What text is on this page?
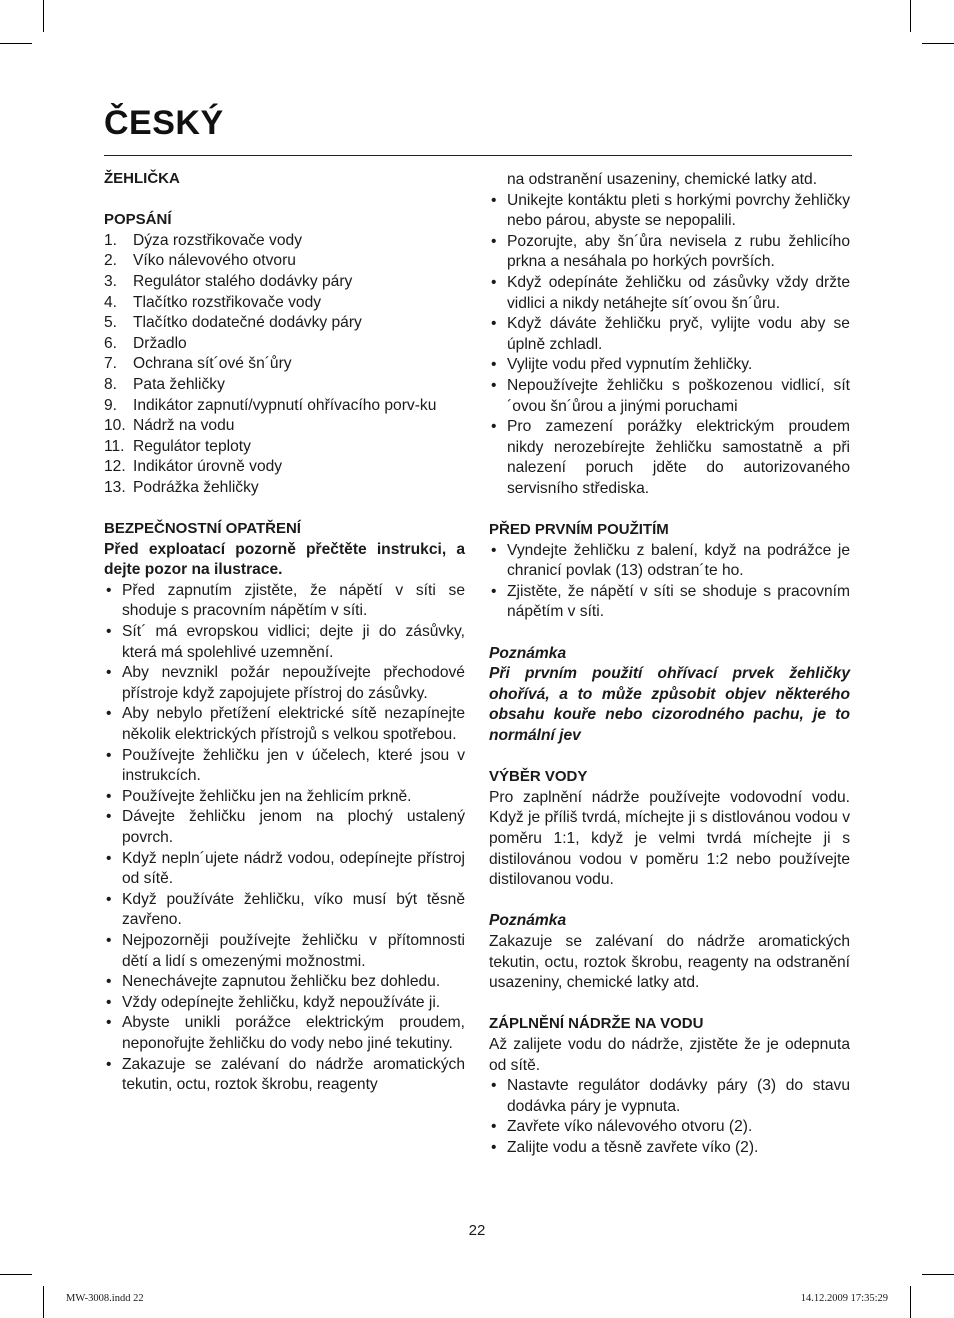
ČESKÝ

ŽEHLIČKA

POPSÁNÍ

1.	Dýza rozstřikovače vody
2.	Víko nálevového otvoru
3.	Regulátor stalého dodávky páry
4.	Tlačítko rozstřikovače vody
5.	Tlačítko dodatečné dodávky páry
6.	Držadlo
7.	Ochrana sít´ové šn´ůry
8.	Pata žehličky
9.	Indikátor zapnutí/vypnutí ohřívacího porv-ku
10. Nádrž na vodu
11. Regulátor teploty
12. Indikátor úrovně vody
13. Podrážka žehličky

BEZPEČNOSTNÍ OPATŘENÍ

Před exploatací pozorně přečtěte instrukci, a dejte pozor na ilustrace.

• Před zapnutím zjistěte, že nápětí v síti se shoduje s pracovním nápětím v síti.
• Sít´ má evropskou vidlici; dejte ji do zásůvky, která má spolehlivé uzemnění.
• Aby nevznikl požár nepoužívejte přechodové přístroje když zapojujete přístroj do zásůvky.
• Aby nebylo přetížení elektrické sítě nezapínejte několik elektrických přístrojů s velkou spotřebou.
• Používejte žehličku jen v účelech, které jsou v instrukcích.
• Používejte žehličku jen na žehlicím prkně.
• Dávejte žehličku jenom na plochý ustalený povrch.
• Když nepln´ujete nádrž vodou, odepínejte přístroj od sítě.
• Když používáte žehličku, víko musí být těsně zavřeno.
• Nejpozorněji používejte žehličku v přítomnosti dětí a lidí s omezenými možnostmi.
• Nenechávejte zapnutou žehličku bez dohledu.
• Vždy odepínejte žehličku, když nepoužíváte ji.
• Abyste unikli porážce elektrickým proudem, neponořujte žehličku do vody nebo jiné tekutiny.
• Zakazuje se zalévaní do nádrže aromatických tekutin, octu, roztok škrobu, reagenty

na odstranění usazeniny, chemické latky atd.

• Unikejte kontáktu pleti s horkými povrchy žehličky nebo párou, abyste se nepopalili.
• Pozorujte, aby šn´ůra nevisela z rubu žehlicího prkna a nesáhala po horkých površích.
• Když odepínáte žehličku od zásůvky vždy držte vidlici a nikdy netáhejte sít´ovou šn´ůru.
• Když dáváte žehličku pryč, vylijte vodu aby se úplně zchladl.
• Vylijte vodu před vypnutím žehličky.
• Nepoužívejte žehličku s poškozenou vidlicí, sít´ovou šn´ůrou a jinými poruchami
• Pro zamezení porážky elektrickým proudem nikdy nerozebírejte žehličku samostatně a při nalezení poruch jděte do autorizovaného servisního střediska.

PŘED PRVNÍM POUŽITÍM

• Vyndejte žehličku z balení, když na podrážce je chranicí povlak (13) odstran´te ho.
• Zjistěte, že nápětí v síti se shoduje s pracovním nápětím v síti.

Poznámka

Při prvním použití ohřívací prvek žehličky ohořívá, a to může způsobit objev některého obsahu kouře nebo cizorodného pachu, je to normální jev

VÝBĚR VODY

Pro zaplnění nádrže používejte vodovodní vodu. Když je příliš tvrdá, míchejte ji s distlovánou vodou v poměru 1:1, když je velmi tvrdá míchejte ji s distilovánou vodou v poměru 1:2 nebo používejte distilovanou vodu.

Poznámka

Zakazuje se zalévaní do nádrže aromatických tekutin, octu, roztok škrobu, reagenty na odstranění usazeniny, chemické latky atd.

ZÁPLNĚNÍ NÁDRŽE NA VODU

Až zalijete vodu do nádrže, zjistěte že je odepnuta od sítě.

• Nastavte regulátor dodávky páry (3) do stavu dodávka páry je vypnuta.
• Zavřete víko nálevového otvoru (2).
• Zalijte vodu a těsně zavřete víko (2).
22
MW-3008.indd 22	14.12.2009 17:35:29
